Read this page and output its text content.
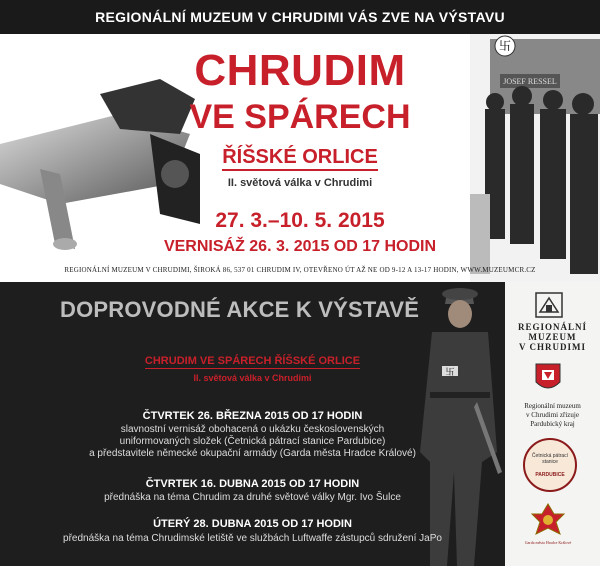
REGIONÁLNÍ MUZEUM V CHRUDIMI VÁS ZVE NA VÝSTAVU
卐
JOSEF RESSEL
CHRUDIM
VE SPÁRECH
ŘÍŠSKÉ ORLICE
II. světová válka v Chrudimi
27. 3.–10. 5. 2015
VERNISÁŽ 26. 3. 2015 OD 17 HODIN
REGIONÁLNÍ MUZEUM V CHRUDIMI, ŠIROKÁ 86, 537 01 CHRUDIM IV, OTEVŘENO ÚT AŽ NE OD 9-12 A 13-17 HODIN, WWW.MUZEUMCR.CZ
DOPROVODNÉ AKCE K VÝSTAVĚ
卐
REGIONÁLNÍ
MUZEUM
V CHRUDIMI
Regionální muzeum
v Chrudimi zřizuje
Pardubický kraj
Četnická pátrací
stanice
PARDUBICE
Garda města Hradce Králové
CHRUDIM VE SPÁRECH ŘÍŠSKÉ ORLICE
II. světová válka v Chrudimi
ČTVRTEK 26. BŘEZNA 2015 OD 17 HODIN
slavnostní vernisáž obohacená o ukázku československých
uniformovaných složek (Četnická pátrací stanice Pardubice)
a představitele německé okupační armády (Garda města Hradce Králové)
ČTVRTEK 16. DUBNA 2015 OD 17 HODIN
přednáška na téma Chrudim za druhé světové války Mgr. Ivo Šulce
ÚTERÝ 28. DUBNA 2015 OD 17 HODIN
přednáška na téma Chrudimské letiště ve službách Luftwaffe zástupců sdružení JaPo
